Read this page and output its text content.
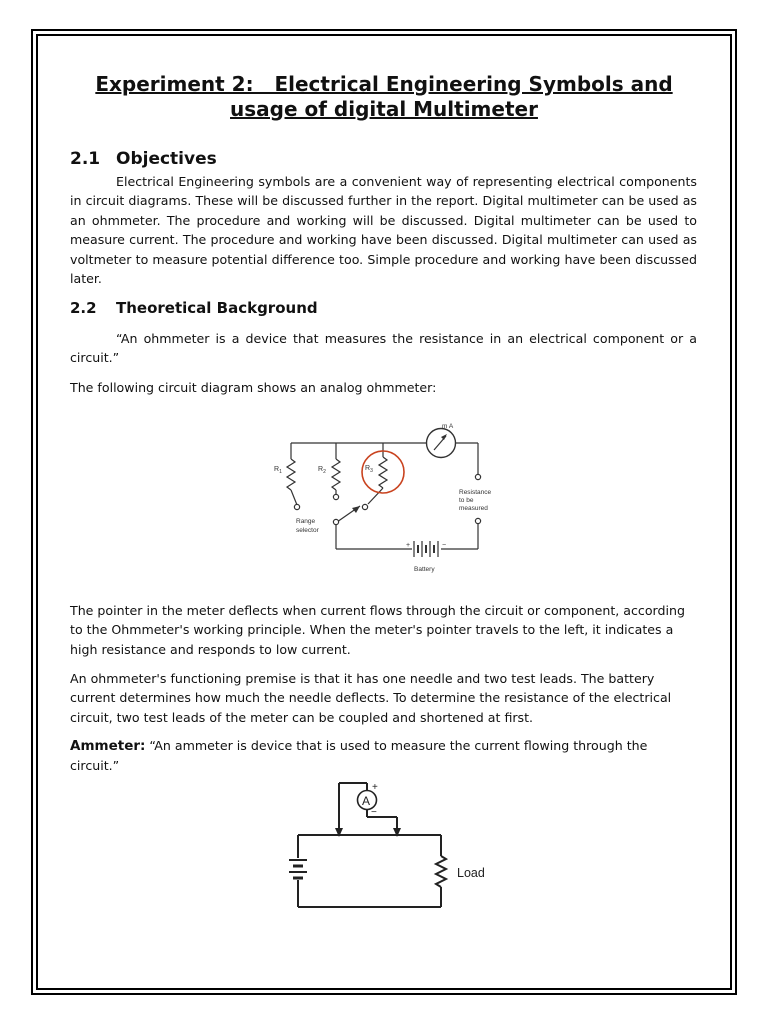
Experiment 2:   Electrical Engineering Symbols and
usage of digital Multimeter
2.1 Objectives
Electrical Engineering symbols are a convenient way of representing electrical components in circuit diagrams. These will be discussed further in the report. Digital multimeter can be used as an ohmmeter. The procedure and working will be discussed. Digital multimeter can be used to measure current. The procedure and working have been discussed. Digital multimeter can used as voltmeter to measure potential difference too. Simple procedure and working have been discussed later.
2.2 Theoretical Background
“An ohmmeter is a device that measures the resistance in an electrical component or a circuit.”
The following circuit diagram shows an analog ohmmeter:
m A
$R_1$	$R_2$	$R_3$
Range
selector
Resistance
to be
measured
Battery
+	−
The pointer in the meter deflects when current flows through the circuit or component, according to the Ohmmeter's working principle. When the meter's pointer travels to the left, it indicates a high resistance and responds to low current.
An ohmmeter's functioning premise is that it has one needle and two test leads. The battery current determines how much the needle deflects. To determine the resistance of the electrical circuit, two test leads of the meter can be coupled and shortened at first.
Ammeter: “An ammeter is device that is used to measure the current flowing through the circuit.”
A
+
−
Load
